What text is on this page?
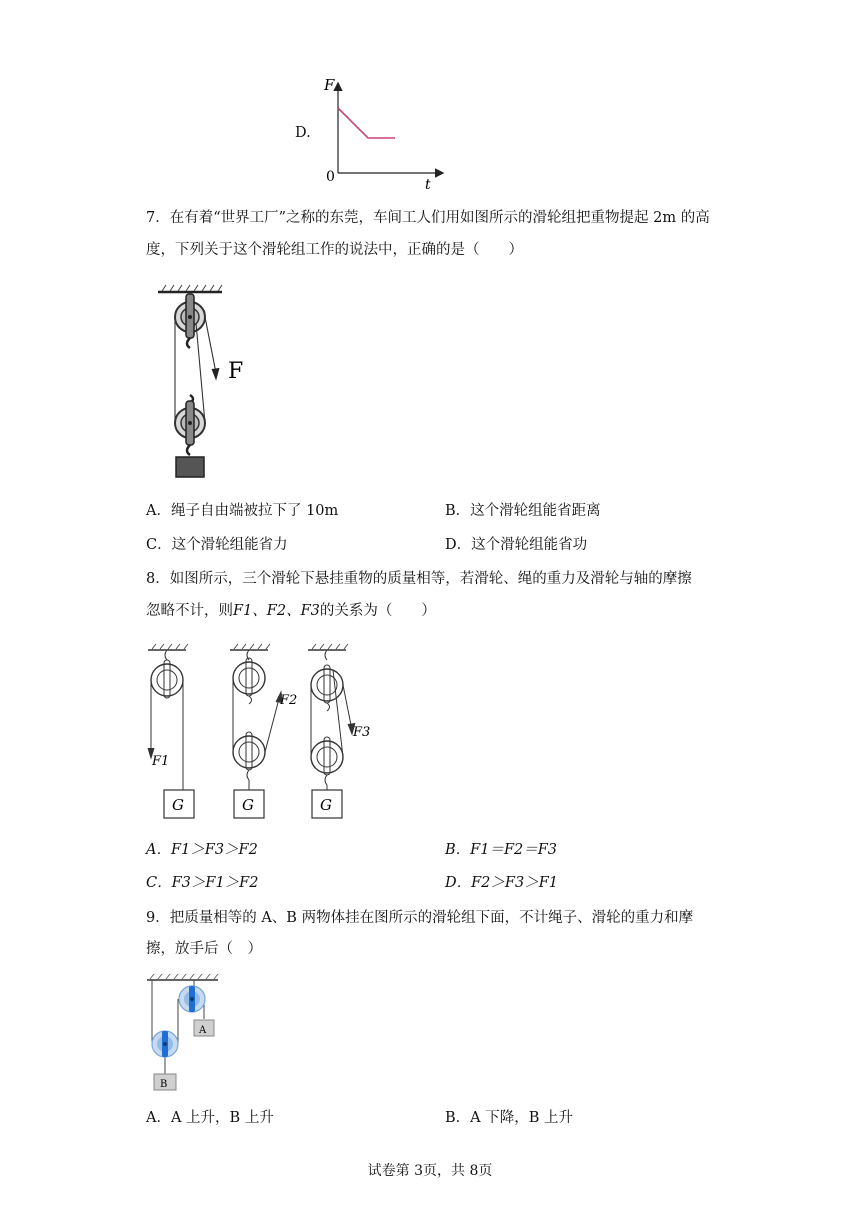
D.
F
t
0
7．在有着“世界工厂”之称的东莞，车间工人们用如图所示的滑轮组把重物提起 2m 的高
度，下列关于这个滑轮组工作的说法中，正确的是（　　）
F
A．绳子自由端被拉下了 10m	B．这个滑轮组能省距离
C．这个滑轮组能省力	D．这个滑轮组能省功
8．如图所示，三个滑轮下悬挂重物的质量相等，若滑轮、绳的重力及滑轮与轴的摩擦
忽略不计，则F1、F2、F3的关系为（　　）
F1
F2
F3
G	G	G
A．F1＞F3＞F2	B．F1＝F2＝F3
C．F3＞F1＞F2	D．F2＞F3＞F1
9．把质量相等的 A、B 两物体挂在图所示的滑轮组下面，不计绳子、滑轮的重力和摩
擦，放手后（　）
A
B
A．A 上升，B 上升	B．A 下降，B 上升
试卷第 3页，共 8页
